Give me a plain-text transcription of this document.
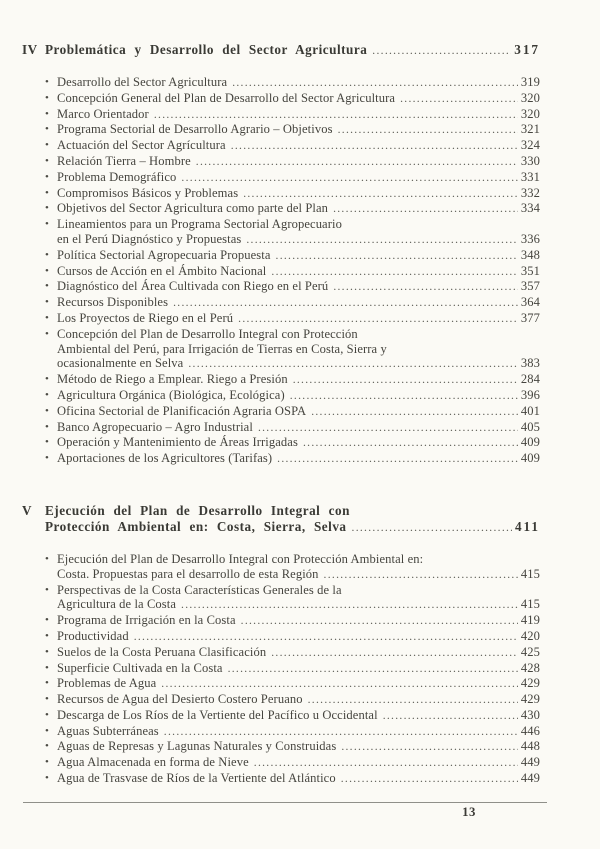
IV Problemática y Desarrollo del Sector Agricultura .....	317
• Desarrollo del Sector Agricultura .....	319
• Concepción General del Plan de Desarrollo del Sector Agricultura .....	320
• Marco Orientador .....	320
• Programa Sectorial de Desarrollo Agrario – Objetivos .....	321
• Actuación del Sector Agrícultura .....	324
• Relación Tierra – Hombre .....	330
• Problema Demográfico .....	331
• Compromisos Básicos y Problemas .....	332
• Objetivos del Sector Agricultura como parte del Plan .....	334
• Lineamientos para un Programa Sectorial Agropecuario
en el Perú Diagnóstico y Propuestas .....	336
• Política Sectorial Agropecuaria Propuesta .....	348
• Cursos de Acción en el Ámbito Nacional .....	351
• Diagnóstico del Área Cultivada con Riego en el Perú .....	357
• Recursos Disponibles .....	364
• Los Proyectos de Riego en el Perú .....	377
• Concepción del Plan de Desarrollo Integral con Protección
Ambiental del Perú, para Irrigación de Tierras en Costa, Sierra y
ocasionalmente en Selva .....	383
• Método de Riego a Emplear. Riego a Presión .....	284
• Agricultura Orgánica (Biológica, Ecológica) .....	396
• Oficina Sectorial de Planificación Agraria OSPA .....	401
• Banco Agropecuario – Agro Industrial .....	405
• Operación y Mantenimiento de Áreas Irrigadas .....	409
• Aportaciones de los Agricultores (Tarifas) .....	409
V Ejecución del Plan de Desarrollo Integral con
Protección Ambiental en: Costa, Sierra, Selva .....	411
• Ejecución del Plan de Desarrollo Integral con Protección Ambiental en:
Costa. Propuestas para el desarrollo de esta Región .....	415
• Perspectivas de la Costa Características Generales de la
Agricultura de la Costa .....	415
• Programa de Irrigación en la Costa .....	419
• Productividad .....	420
• Suelos de la Costa Peruana Clasificación .....	425
• Superficie Cultivada en la Costa .....	428
• Problemas de Agua .....	429
• Recursos de Agua del Desierto Costero Peruano .....	429
• Descarga de Los Ríos de la Vertiente del Pacífico u Occidental .....	430
• Aguas Subterráneas .....	446
• Aguas de Represas y Lagunas Naturales y Construidas .....	448
• Agua Almacenada en forma de Nieve .....	449
• Agua de Trasvase de Ríos de la Vertiente del Atlántico .....	449
13
